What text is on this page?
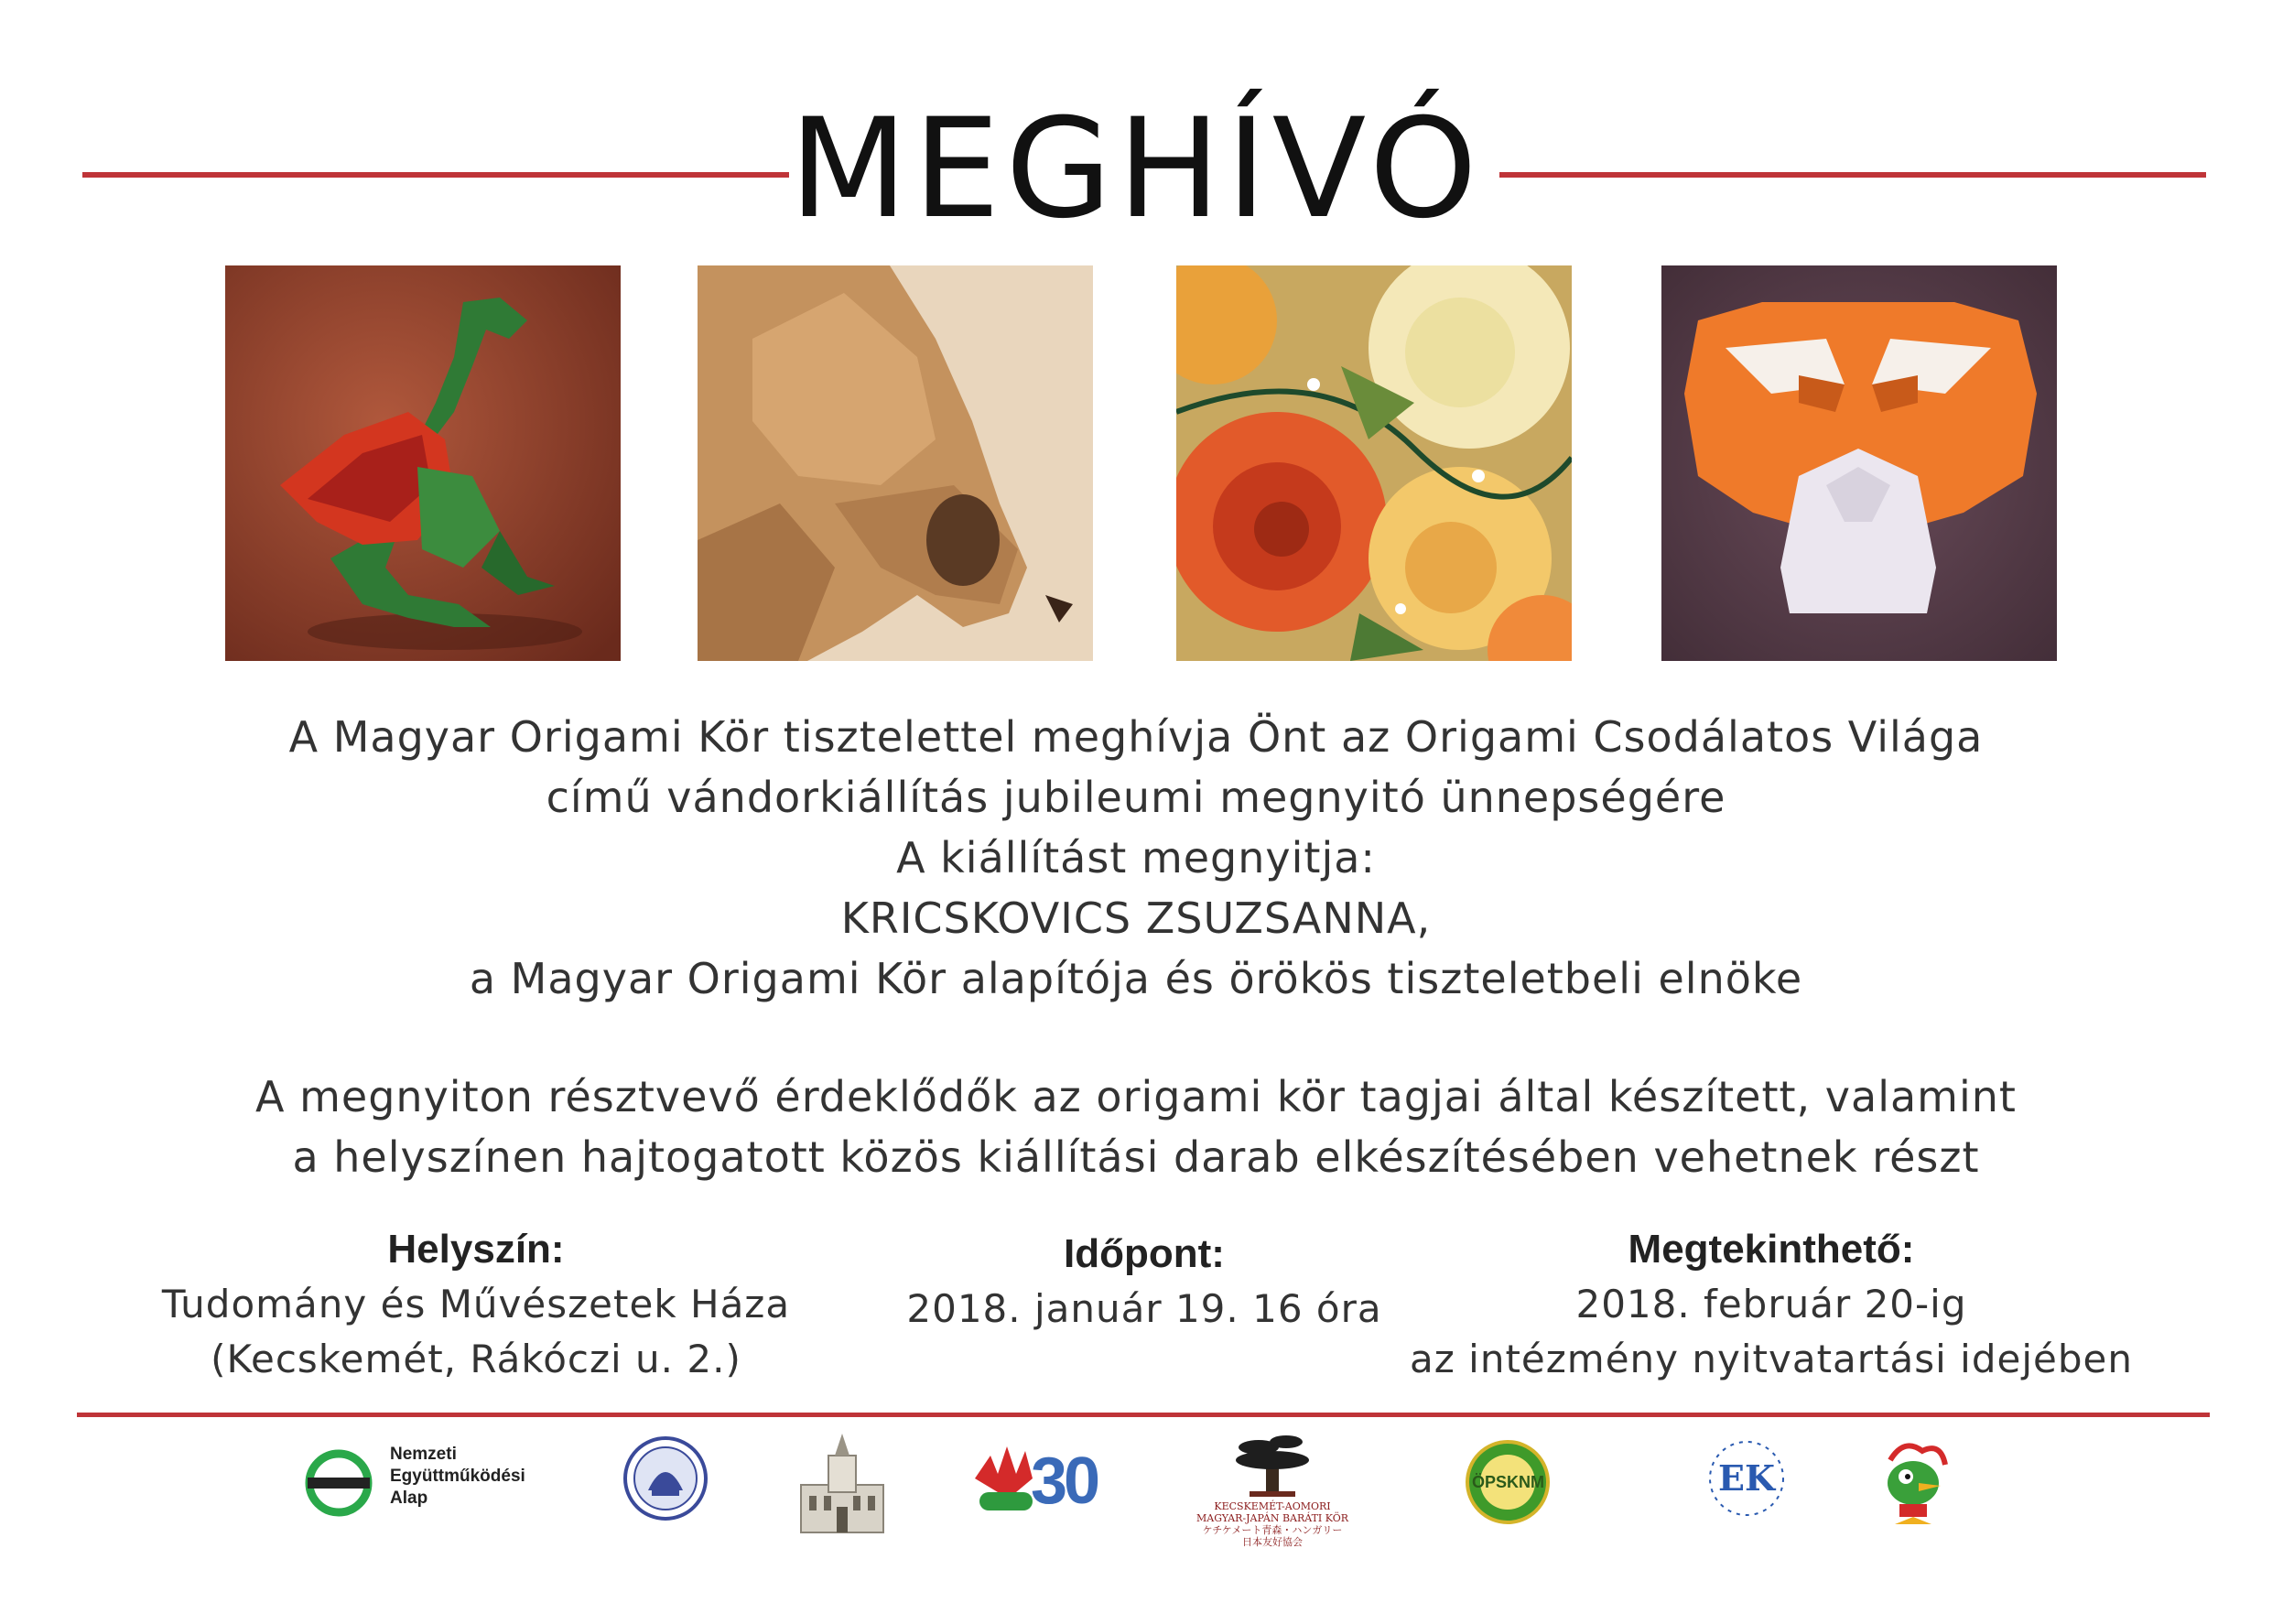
MEGHÍVÓ
A Magyar Origami Kör tisztelettel meghívja Önt az Origami Csodálatos Világa
című vándorkiállítás jubileumi megnyitó ünnepségére
A kiállítást megnyitja:
KRICSKOVICS ZSUZSANNA,
a Magyar Origami Kör alapítója és örökös tiszteletbeli elnöke
A megnyiton résztvevő érdeklődők az origami kör tagjai által készített, valamint
a helyszínen hajtogatott közös kiállítási darab elkészítésében vehetnek részt
Helyszín:
Tudomány és Művészetek Háza
(Kecskemét, Rákóczi u. 2.)
Időpont:
2018. január 19. 16 óra
Megtekinthető:
2018. február 20-ig
az intézmény nyitvatartási idejében
Nemzeti
Együttműködési
Alap	30	KECSKEMÉT-AOMORI
MAGYAR-JAPÁN BARÁTI KÖR
ケチケメート青森・ハンガリー
日本友好協会
ÖPSKNM	EK
